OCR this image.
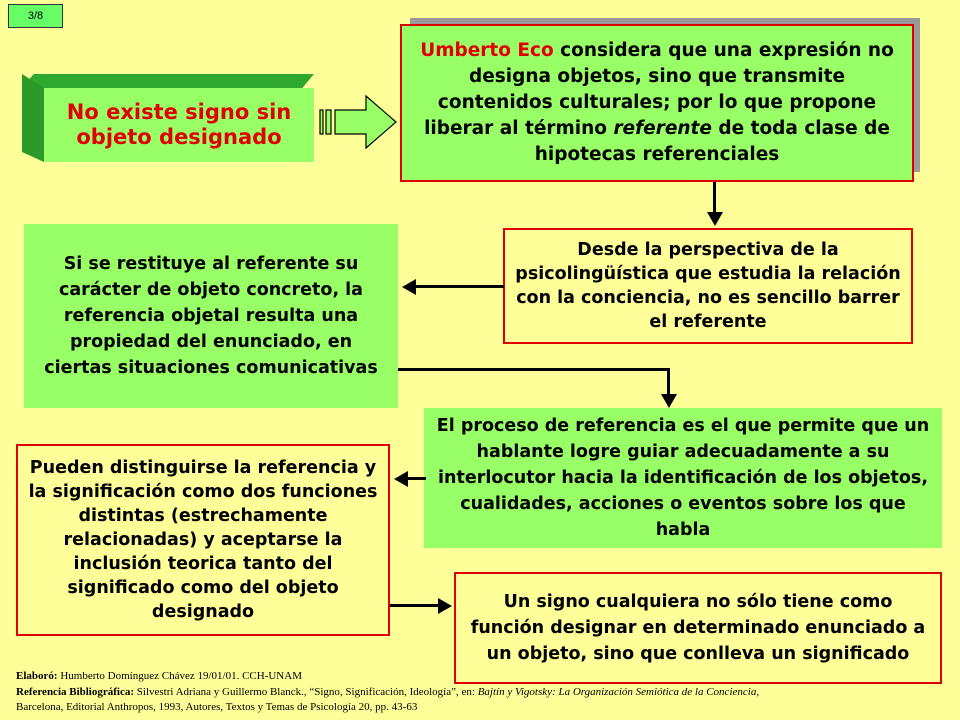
3/8
No existe signo sin
objeto designado
Umberto Eco considera que una expresión no designa objetos, sino que transmite contenidos culturales; por lo que propone liberar al término referente de toda clase de hipotecas referenciales
Desde la perspectiva de la psicolingüística que estudia la relación con la conciencia, no es sencillo barrer el referente
Si se restituye al referente su carácter de objeto concreto, la referencia objetal resulta una propiedad del enunciado, en ciertas situaciones comunicativas
El proceso de referencia es el que permite que un hablante logre guiar adecuadamente a su interlocutor hacia la identificación de los objetos, cualidades, acciones o eventos sobre los que habla
Pueden distinguirse la referencia y la significación como dos funciones distintas (estrechamente relacionadas) y aceptarse la inclusión teorica tanto del significado como del objeto designado	Un signo cualquiera no sólo tiene como función designar en determinado enunciado a un objeto, sino que conlleva un significado
Elaboró: Humberto Domínguez Chávez 19/01/01. CCH-UNAM
Referencia Bibliográfica: Silvestri Adriana y Guillermo Blanck., “Signo, Significación, Ideología”, en: Bajtín y Vigotsky: La Organización Semiótica de la Conciencia,
Barcelona, Editorial Anthropos, 1993, Autores, Textos y Temas de Psicología 20, pp. 43-63
